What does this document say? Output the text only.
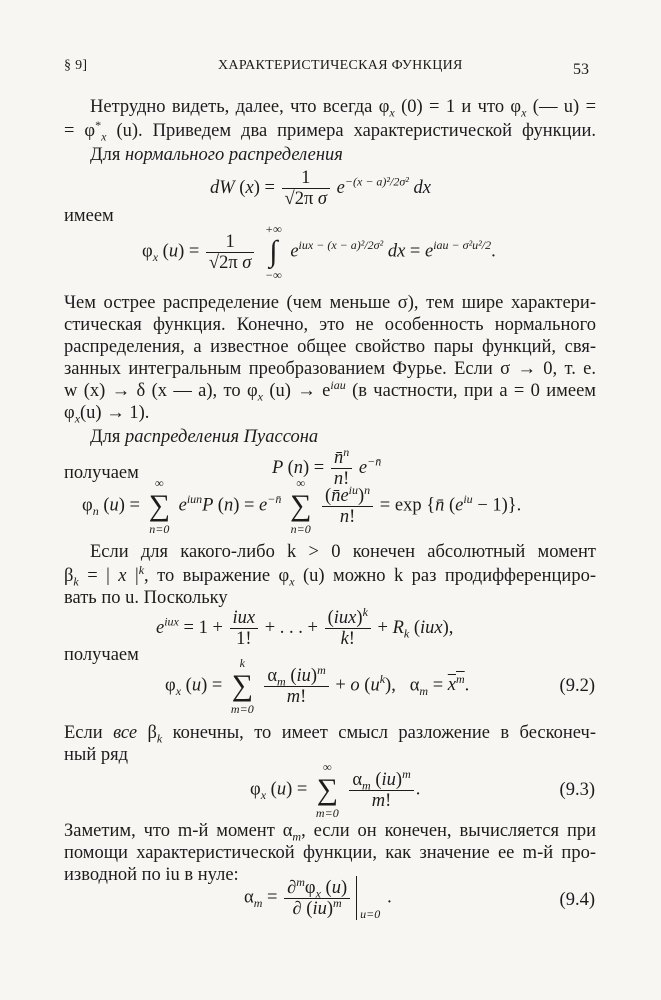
§ 9]	ХАРАКТЕРИСТИЧЕСКАЯ ФУНКЦИЯ	53
Нетрудно видеть, далее, что всегда $\varphi_x$ (0) = 1 и что $\varphi_x$ (— u) =
= $\varphi^*_x$ (u). Приведем два примера характеристической функции.
Для нормального распределения
dW $(x) = \frac{1}{\text{√2π σ}} e^{-(x - a)^2/2\sigma^2}$ dx
имеем
$\varphi_x$ $(u) = \frac{1}{\text{√2π σ}}$

+∞
∫
−∞
$e^{iux - (x - a)^2/2\sigma^2}$ dx = $e^{iau - \sigma^2u^2/2}$.
Чем острее распределение (чем меньше σ), тем шире характери-
стическая функция. Конечно, это не особенность нормального
распределения, а известное общее свойство пары функций, свя-
занных интегральным преобразованием Фурье. Если σ → 0, т. е.
w (x) → δ (x — a), то $\varphi_x$ $(u) \to e^{iau}$ (в частности, при a = 0 имеем
$\varphi_x(u) \to 1$).
Для распределения Пуассона
P $(n) = \frac{n̄^n}{n!} e^{-n̄}$
получаем
$\varphi_n$ (u) =
∞
∑
n=0
$e^{iun}P$ $(n) = e^{-n̄}$
∞
∑
n=0

$\frac{(n̄e^{iu})^n}{n!} = \exp$ {n̄ $(e^{iu} - 1)$}.
Если для какого-либо k > 0 конечен абсолютный момент
$\beta_k$ = | x $|^k$, то выражение $\varphi_x$ (u) можно k раз продифференциро-
вать по u. Поскольку
$e^{iux} = 1 + \frac{\text{iux}}{1!}$ + . . . + $\frac{(iux)^k}{k!} + R_k$ (iux),
получаем
$\varphi_x$ (u) =
k
∑
m=0

$\frac{\alpha_m (iu)^m}{m!} + o$ $(u^k)$, $\alpha_m = x^m$.	(9.2)
Если все $\beta_k$ конечны, то имеет смысл разложение в бесконеч-
ный ряд
$\varphi_x$ (u) =
∞
∑
m=0

$\frac{\alpha_m (iu)^m}{m!}$ .	(9.3)
Заметим, что m-й момент $\alpha_m$, если он конечен, вычисляется при
помощи характеристической функции, как значение ее m-й про-
изводной по iu в нуле:
$\alpha_m = \frac{\partial^m\varphi_x (u)}{\partial (iu)^m} u=0$
.	(9.4)
